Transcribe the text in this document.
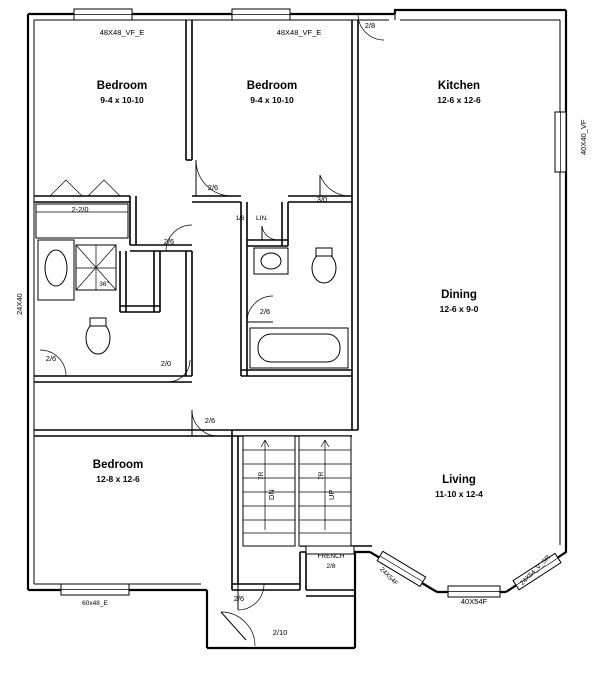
Bedroom
9-4 x 10-10
Bedroom
9-4 x 10-10
Kitchen
12-6 x 12-6
Dining
12-6 x 9-0
Living
11-10 x 12-4
Bedroom
12-8 x 12-6
48X48_VF_E	48X48_VF_E
40X40_VF
60x48_E	40X54F
24X54F	24X54_V_SR
2/8
2-2/0
2/6
3/0
1/6 LIN.
2/6
2/6
2/0
2/6
2/6
2/6
2/10
FRENCH
2/8
36"
24X40
DN	UP
7R	7R
